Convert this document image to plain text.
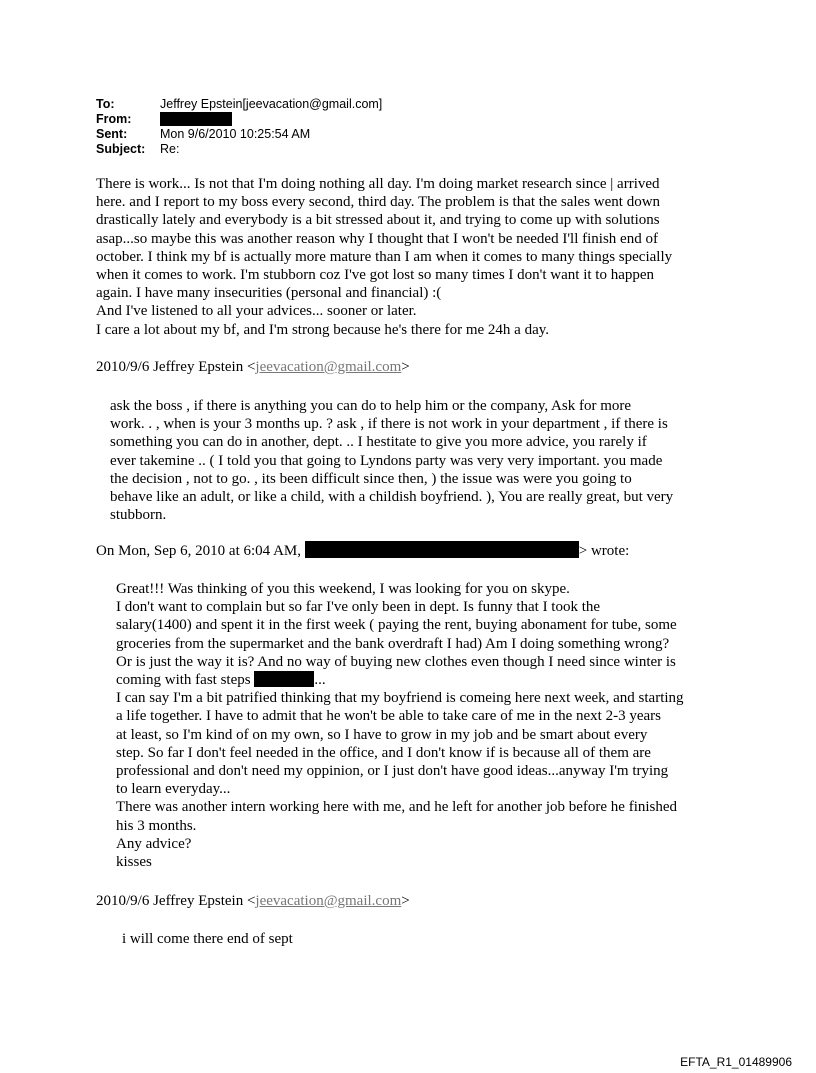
To:	Jeffrey Epstein[jeevacation@gmail.com]
From:
Sent:	Mon 9/6/2010 10:25:54 AM
Subject:	Re:
There is work... Is not that I'm doing nothing all day. I'm doing market research since | arrived
here. and I report to my boss every second, third day. The problem is that the sales went down
drastically lately and everybody is a bit stressed about it, and trying to come up with solutions
asap...so maybe this was another reason why I thought that I won't be needed I'll finish end of
october. I think my bf is actually more mature than I am when it comes to many things specially
when it comes to work. I'm stubborn coz I've got lost so many times I don't want it to happen
again. I have many insecurities (personal and financial) :(
And I've listened to all your advices... sooner or later.
I care a lot about my bf, and I'm strong because he's there for me 24h a day.
2010/9/6 Jeffrey Epstein <jeevacation@gmail.com>
ask the boss , if there is anything you can do to help him or the company, Ask for more
work. . , when is your 3 months up. ? ask , if there is not work in your department , if there is
something you can do in another, dept. .. I hestitate to give you more advice, you rarely if
ever takemine .. ( I told you that going to Lyndons party was very very important. you made
the decision , not to go. , its been difficult since then, ) the issue was were you going to
behave like an adult, or like a child, with a childish boyfriend. ), You are really great, but very
stubborn.
On Mon, Sep 6, 2010 at 6:04 AM,	> wrote:
Great!!! Was thinking of you this weekend, I was looking for you on skype.
I don't want to complain but so far I've only been in dept. Is funny that I took the
salary(1400) and spent it in the first week ( paying the rent, buying abonament for tube, some
groceries from the supermarket and the bank overdraft I had) Am I doing something wrong?
Or is just the way it is? And no way of buying new clothes even though I need since winter is
coming with fast steps	...
I can say I'm a bit patrified thinking that my boyfriend is comeing here next week, and starting
a life together. I have to admit that he won't be able to take care of me in the next 2-3 years
at least, so I'm kind of on my own, so I have to grow in my job and be smart about every
step. So far I don't feel needed in the office, and I don't know if is because all of them are
professional and don't need my oppinion, or I just don't have good ideas...anyway I'm trying
to learn everyday...
There was another intern working here with me, and he left for another job before he finished
his 3 months.
Any advice?
kisses
2010/9/6 Jeffrey Epstein <jeevacation@gmail.com>
i will come there end of sept
EFTA_R1_01489906
